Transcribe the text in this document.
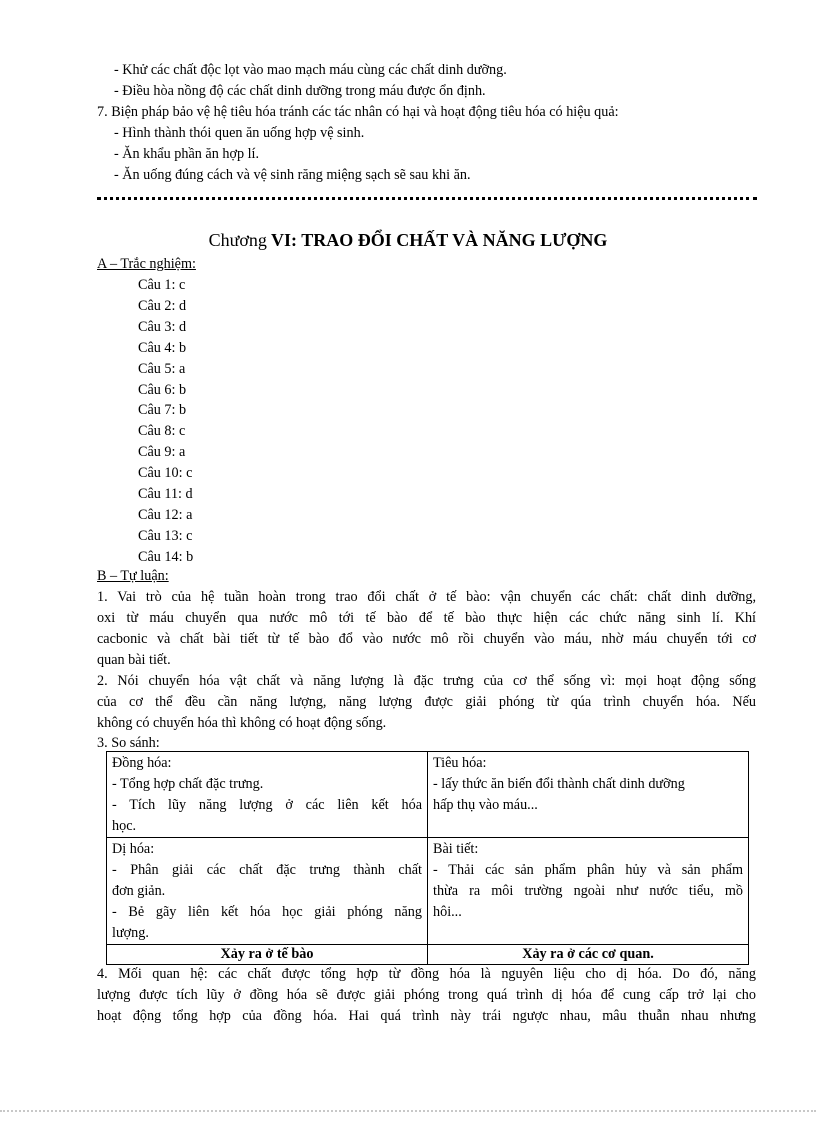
- Khử các chất độc lọt vào mao mạch máu cùng các chất dinh dưỡng.
- Điều hòa nồng độ các chất dinh dưỡng trong máu được ổn định.
7. Biện pháp bảo vệ hệ tiêu hóa tránh các tác nhân có hại và hoạt động tiêu hóa có hiệu quả:
- Hình thành thói quen ăn uống hợp vệ sinh.
- Ăn khẩu phần ăn hợp lí.
- Ăn uống đúng cách và vệ sinh răng miệng sạch sẽ sau khi ăn.
Chương VI: TRAO ĐỔI CHẤT VÀ NĂNG LƯỢNG
A – Trắc nghiệm:
Câu 1: c
Câu 2: d
Câu 3: d
Câu 4: b
Câu 5: a
Câu 6: b
Câu 7: b
Câu 8: c
Câu 9: a
Câu 10: c
Câu 11: d
Câu 12: a
Câu 13: c
Câu 14: b
B – Tự luận:
1. Vai trò của hệ tuần hoàn trong trao đổi chất ở tế bào: vận chuyển các chất: chất dinh dưỡng,
oxi từ máu chuyển qua nước mô tới tế bào để tế bào thực hiện các chức năng sinh lí. Khí
cacbonic và chất bài tiết từ tế bào đổ vào nước mô rồi chuyển vào máu, nhờ máu chuyển tới cơ
quan bài tiết.
2. Nói chuyển hóa vật chất và năng lượng là đặc trưng của cơ thể sống vì: mọi hoạt động sống
của cơ thể đều cần năng lượng, năng lượng được giải phóng từ qúa trình chuyển hóa. Nếu
không có chuyển hóa thì không có hoạt động sống.
3. So sánh:
Đồng hóa:
- Tổng hợp chất đặc trưng.
- Tích lũy năng lượng ở các liên kết hóa
học.	Tiêu hóa:
- lấy thức ăn biến đổi thành chất dinh dưỡng
hấp thụ vào máu...

Dị hóa:
- Phân giải các chất đặc trưng thành chất
đơn giản.
- Bẻ gãy liên kết hóa học giải phóng năng
lượng.	Bài tiết:
- Thải các sản phẩm phân hủy và sản phẩm
thừa ra môi trường ngoài như nước tiểu, mồ
hôi...

Xảy ra ở tế bào	Xảy ra ở các cơ quan.
4. Mối quan hệ: các chất được tổng hợp từ đồng hóa là nguyên liệu cho dị hóa. Do đó, năng
lượng được tích lũy ở đồng hóa sẽ được giải phóng trong quá trình dị hóa để cung cấp trở lại cho
hoạt động tổng hợp của đồng hóa. Hai quá trình này trái ngược nhau, mâu thuẫn nhau nhưng
